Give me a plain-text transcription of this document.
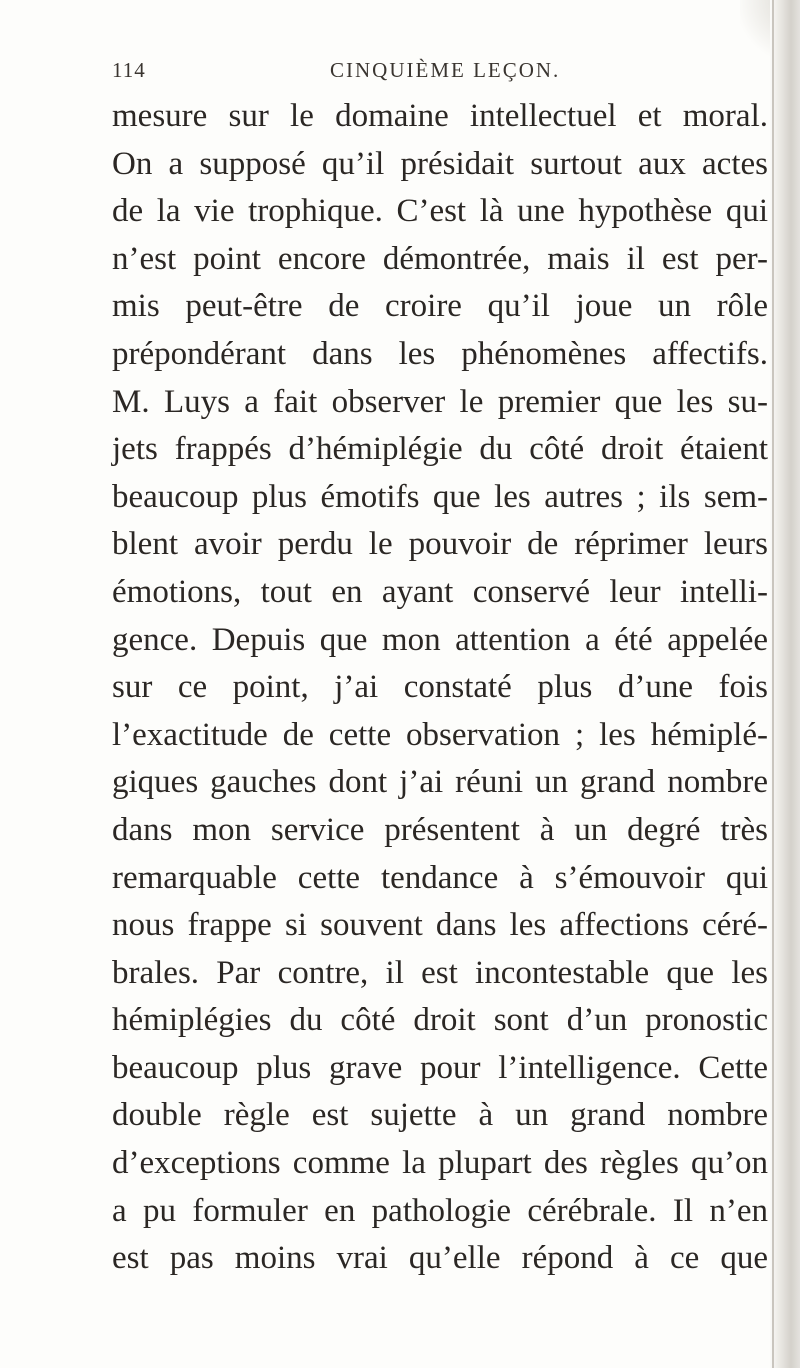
114	CINQUIÈME LEÇON.
mesure sur le domaine intellectuel et moral.
On a supposé qu’il présidait surtout aux actes
de la vie trophique. C’est là une hypothèse qui
n’est point encore démontrée, mais il est per-
mis peut-être de croire qu’il joue un rôle
prépondérant dans les phénomènes affectifs.
M. Luys a fait observer le premier que les su-
jets frappés d’hémiplégie du côté droit étaient
beaucoup plus émotifs que les autres ; ils sem-
blent avoir perdu le pouvoir de réprimer leurs
émotions, tout en ayant conservé leur intelli-
gence. Depuis que mon attention a été appelée
sur ce point, j’ai constaté plus d’une fois
l’exactitude de cette observation ; les hémiplé-
giques gauches dont j’ai réuni un grand nombre
dans mon service présentent à un degré très
remarquable cette tendance à s’émouvoir qui
nous frappe si souvent dans les affections céré-
brales. Par contre, il est incontestable que les
hémiplégies du côté droit sont d’un pronostic
beaucoup plus grave pour l’intelligence. Cette
double règle est sujette à un grand nombre
d’exceptions comme la plupart des règles qu’on
a pu formuler en pathologie cérébrale. Il n’en
est pas moins vrai qu’elle répond à ce que
